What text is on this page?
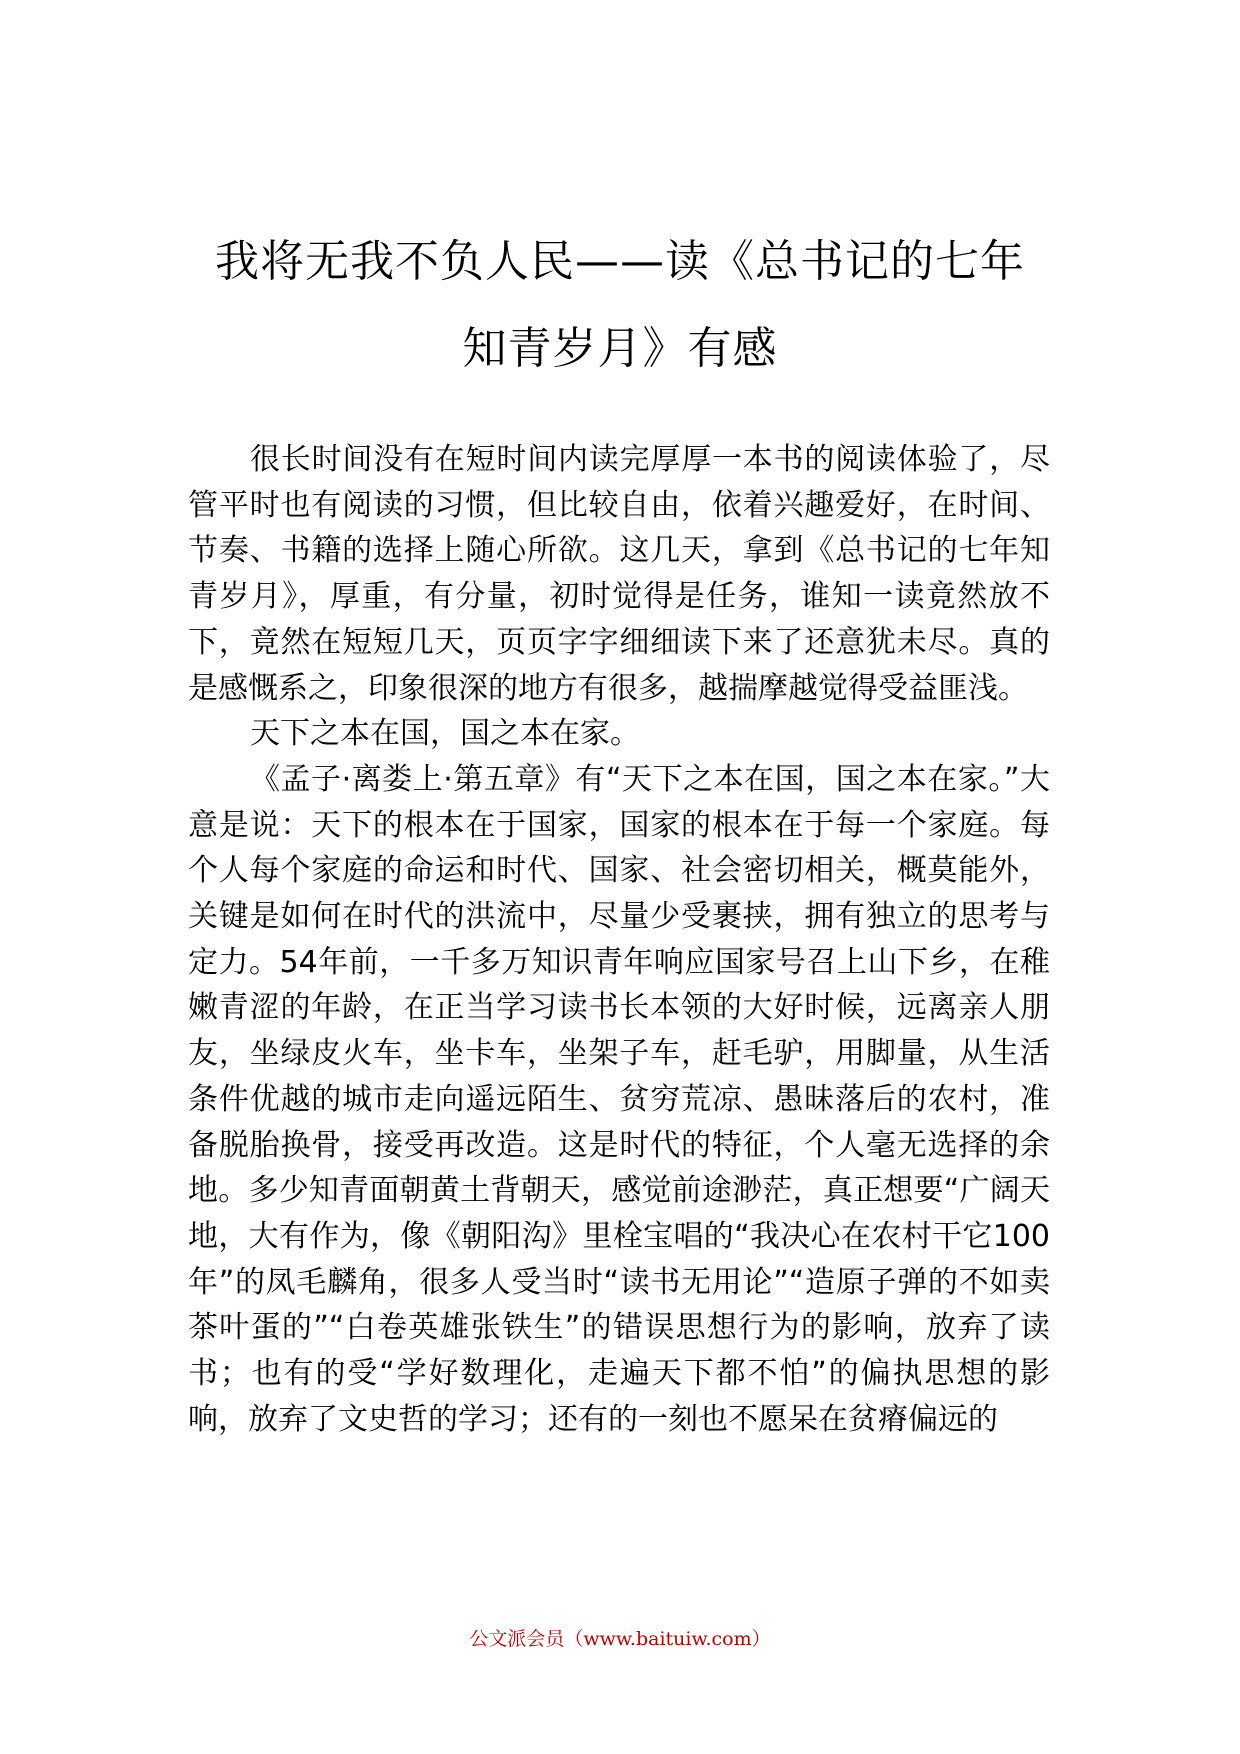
我将无我不负人民——读《总书记的七年
知青岁月》有感

很长时间没有在短时间内读完厚厚一本书的阅读体验了，尽管平时也有阅读的习惯，但比较自由，依着兴趣爱好，在时间、节奏、书籍的选择上随心所欲。这几天，拿到《总书记的七年知青岁月》，厚重，有分量，初时觉得是任务，谁知一读竟然放不下，竟然在短短几天，页页字字细细读下来了还意犹未尽。真的是感慨系之，印象很深的地方有很多，越揣摩越觉得受益匪浅。

天下之本在国，国之本在家。

《孟子·离娄上·第五章》有“天下之本在国，国之本在家。”大意是说：天下的根本在于国家，国家的根本在于每一个家庭。每个人每个家庭的命运和时代、国家、社会密切相关，概莫能外，关键是如何在时代的洪流中，尽量少受裹挟，拥有独立的思考与定力。54年前，一千多万知识青年响应国家号召上山下乡，在稚嫩青涩的年龄，在正当学习读书长本领的大好时候，远离亲人朋友，坐绿皮火车，坐卡车，坐架子车，赶毛驴，用脚量，从生活条件优越的城市走向遥远陌生、贫穷荒凉、愚昧落后的农村，准备脱胎换骨，接受再改造。这是时代的特征，个人毫无选择的余地。多少知青面朝黄土背朝天，感觉前途渺茫，真正想要“广阔天地，大有作为，像《朝阳沟》里栓宝唱的“我决心在农村干它100年”的凤毛麟角，很多人受当时“读书无用论”“造原子弹的不如卖茶叶蛋的”“白卷英雄张铁生”的错误思想行为的影响，放弃了读书；也有的受“学好数理化，走遍天下都不怕”的偏执思想的影响，放弃了文史哲的学习；还有的一刻也不愿呆在贫瘠偏远的

公文派会员（www.baituiw.com）
